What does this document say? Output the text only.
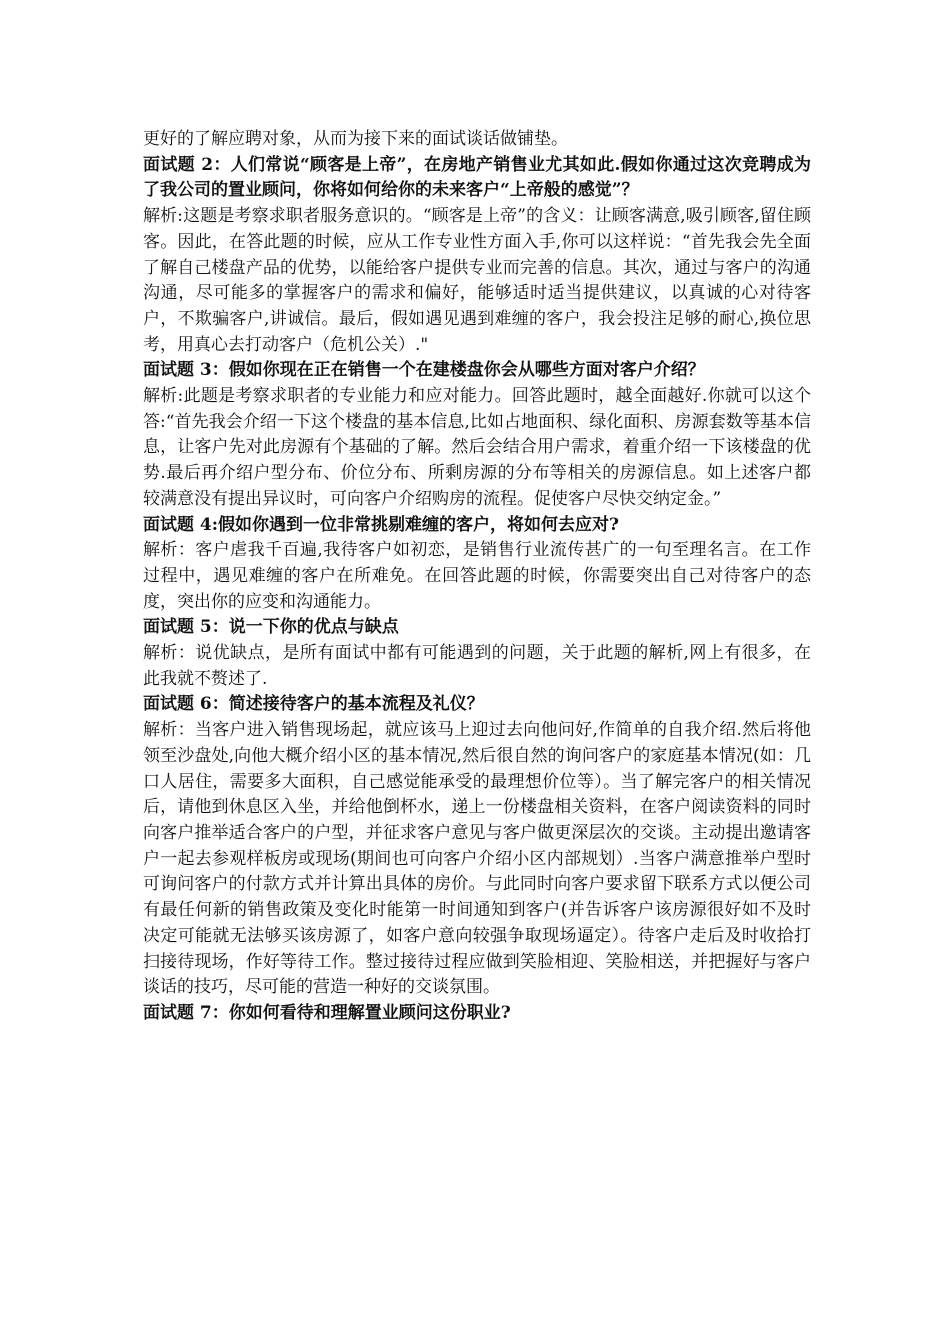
更好的了解应聘对象，从而为接下来的面试谈话做铺垫。

面试题 2：人们常说“顾客是上帝”，在房地产销售业尤其如此.假如你通过这次竞聘成为了我公司的置业顾问，你将如何给你的未来客户“上帝般的感觉”？

解析:这题是考察求职者服务意识的。“顾客是上帝”的含义：让顾客满意,吸引顾客,留住顾客。因此，在答此题的时候，应从工作专业性方面入手,你可以这样说：“首先我会先全面了解自己楼盘产品的优势，以能给客户提供专业而完善的信息。其次，通过与客户的沟通沟通，尽可能多的掌握客户的需求和偏好，能够适时适当提供建议，以真诚的心对待客户，不欺骗客户,讲诚信。最后，假如遇见遇到难缠的客户，我会投注足够的耐心,换位思考，用真心去打动客户（危机公关）."

面试题 3：假如你现在正在销售一个在建楼盘你会从哪些方面对客户介绍？

解析:此题是考察求职者的专业能力和应对能力。回答此题时，越全面越好.你就可以这个答:“首先我会介绍一下这个楼盘的基本信息,比如占地面积、绿化面积、房源套数等基本信息，让客户先对此房源有个基础的了解。然后会结合用户需求，着重介绍一下该楼盘的优势.最后再介绍户型分布、价位分布、所剩房源的分布等相关的房源信息。如上述客户都较满意没有提出异议时，可向客户介绍购房的流程。促使客户尽快交纳定金。”

面试题 4:假如你遇到一位非常挑剔难缠的客户，将如何去应对?

解析：客户虐我千百遍,我待客户如初恋，是销售行业流传甚广的一句至理名言。在工作过程中，遇见难缠的客户在所难免。在回答此题的时候，你需要突出自己对待客户的态度，突出你的应变和沟通能力。

面试题 5：说一下你的优点与缺点

解析：说优缺点，是所有面试中都有可能遇到的问题，关于此题的解析,网上有很多，在此我就不赘述了.

面试题 6：简述接待客户的基本流程及礼仪？

解析：当客户进入销售现场起，就应该马上迎过去向他问好,作简单的自我介绍.然后将他领至沙盘处,向他大概介绍小区的基本情况,然后很自然的询问客户的家庭基本情况(如：几口人居住，需要多大面积，自己感觉能承受的最理想价位等）。当了解完客户的相关情况后，请他到休息区入坐，并给他倒杯水，递上一份楼盘相关资料，在客户阅读资料的同时向客户推举适合客户的户型，并征求客户意见与客户做更深层次的交谈。主动提出邀请客户一起去参观样板房或现场(期间也可向客户介绍小区内部规划）.当客户满意推举户型时可询问客户的付款方式并计算出具体的房价。与此同时向客户要求留下联系方式以便公司有最任何新的销售政策及变化时能第一时间通知到客户(并告诉客户该房源很好如不及时决定可能就无法够买该房源了，如客户意向较强争取现场逼定）。待客户走后及时收拾打扫接待现场，作好等待工作。整过接待过程应做到笑脸相迎、笑脸相送，并把握好与客户谈话的技巧，尽可能的营造一种好的交谈氛围。

面试题 7：你如何看待和理解置业顾问这份职业?
